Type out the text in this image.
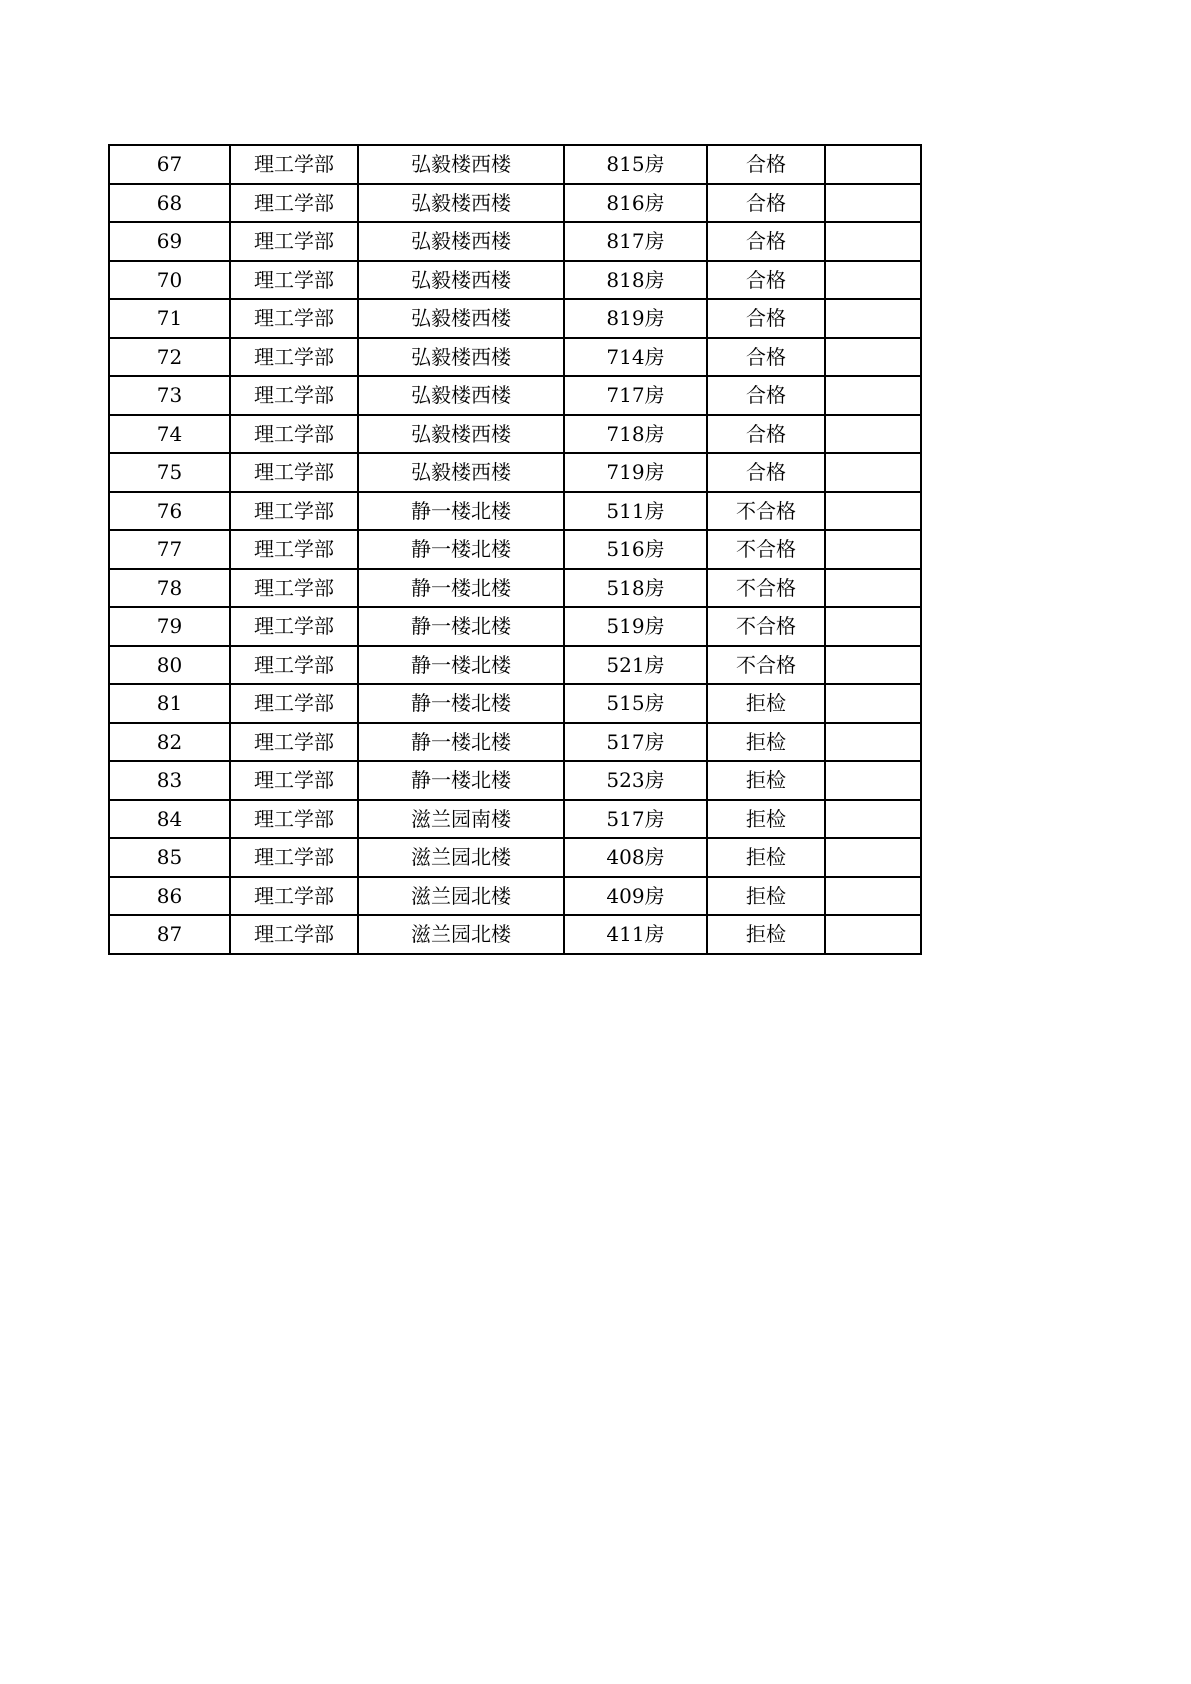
67	理工学部	弘毅楼西楼	815房	合格	
68	理工学部	弘毅楼西楼	816房	合格	
69	理工学部	弘毅楼西楼	817房	合格	
70	理工学部	弘毅楼西楼	818房	合格	
71	理工学部	弘毅楼西楼	819房	合格	
72	理工学部	弘毅楼西楼	714房	合格	
73	理工学部	弘毅楼西楼	717房	合格	
74	理工学部	弘毅楼西楼	718房	合格	
75	理工学部	弘毅楼西楼	719房	合格	
76	理工学部	静一楼北楼	511房	不合格	
77	理工学部	静一楼北楼	516房	不合格	
78	理工学部	静一楼北楼	518房	不合格	
79	理工学部	静一楼北楼	519房	不合格	
80	理工学部	静一楼北楼	521房	不合格	
81	理工学部	静一楼北楼	515房	拒检	
82	理工学部	静一楼北楼	517房	拒检	
83	理工学部	静一楼北楼	523房	拒检	
84	理工学部	滋兰园南楼	517房	拒检	
85	理工学部	滋兰园北楼	408房	拒检	
86	理工学部	滋兰园北楼	409房	拒检	
87	理工学部	滋兰园北楼	411房	拒检	
